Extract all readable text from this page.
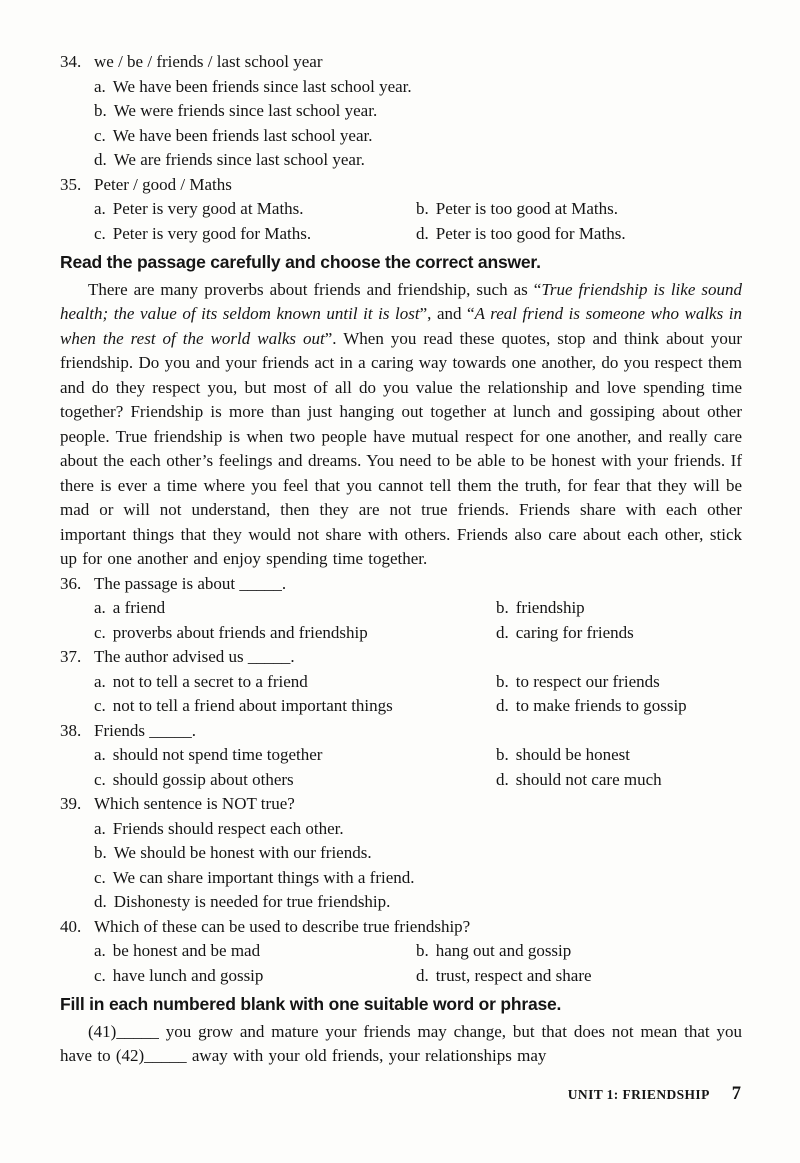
34. we / be / friends / last school year
a. We have been friends since last school year.
b. We were friends since last school year.
c. We have been friends last school year.
d. We are friends since last school year.
35. Peter / good / Maths
a. Peter is very good at Maths.	b. Peter is too good at Maths.
c. Peter is very good for Maths.	d. Peter is too good for Maths.
Read the passage carefully and choose the correct answer.

There are many proverbs about friends and friendship, such as “True friendship is like sound health; the value of its seldom known until it is lost”, and “A real friend is someone who walks in when the rest of the world walks out”. When you read these quotes, stop and think about your friendship. Do you and your friends act in a caring way towards one another, do you respect them and do they respect you, but most of all do you value the relationship and love spending time together? Friendship is more than just hanging out together at lunch and gossiping about other people. True friendship is when two people have mutual respect for one another, and really care about the each other’s feelings and dreams. You need to be able to be honest with your friends. If there is ever a time where you feel that you cannot tell them the truth, for fear that they will be mad or will not understand, then they are not true friends. Friends share with each other important things that they would not share with others. Friends also care about each other, stick up for one another and enjoy spending time together.

36. The passage is about _____.
a. a friend	b. friendship
c. proverbs about friends and friendship	d. caring for friends
37. The author advised us _____.
a. not to tell a secret to a friend	b. to respect our friends
c. not to tell a friend about important things	d. to make friends to gossip
38. Friends _____.
a. should not spend time together	b. should be honest
c. should gossip about others	d. should not care much
39. Which sentence is NOT true?
a. Friends should respect each other.
b. We should be honest with our friends.
c. We can share important things with a friend.
d. Dishonesty is needed for true friendship.
40. Which of these can be used to describe true friendship?
a. be honest and be mad	b. hang out and gossip
c. have lunch and gossip	d. trust, respect and share
Fill in each numbered blank with one suitable word or phrase.

(41)_____ you grow and mature your friends may change, but that does not mean that you have to (42)_____ away with your old friends, your relationships may

UNIT 1: FRIENDSHIP 7
